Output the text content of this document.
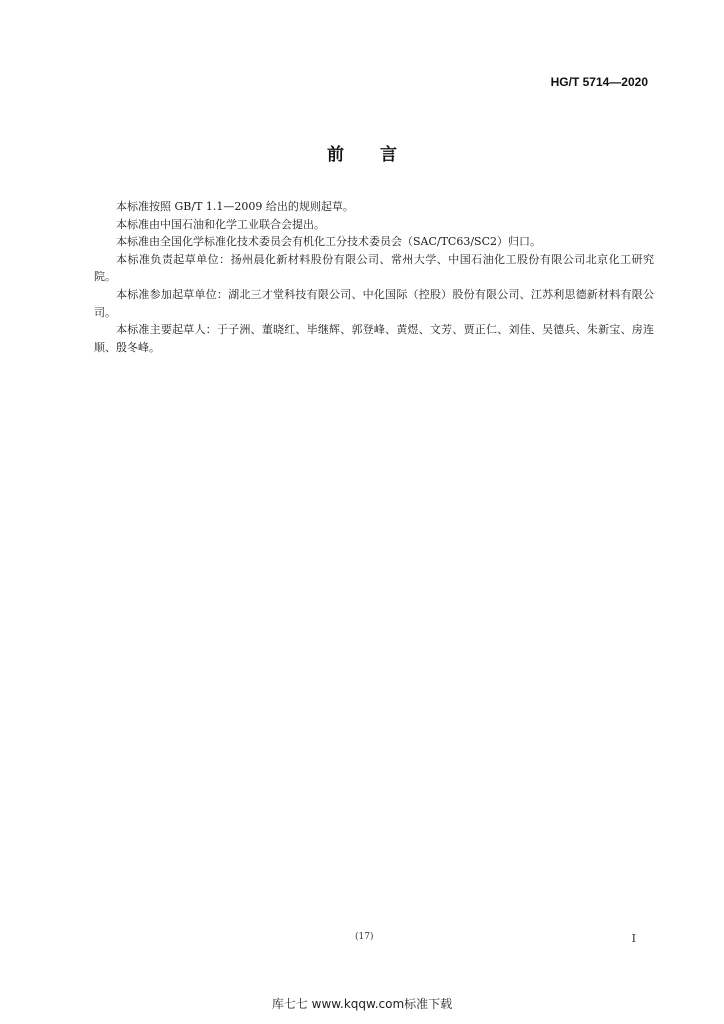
HG/T 5714—2020
前言

本标准按照 GB/T 1.1—2009 给出的规则起草。

本标准由中国石油和化学工业联合会提出。

本标准由全国化学标准化技术委员会有机化工分技术委员会（SAC/TC63/SC2）归口。

本标准负责起草单位：扬州晨化新材料股份有限公司、常州大学、中国石油化工股份有限公司北京化工研究院。

本标准参加起草单位：湖北三才堂科技有限公司、中化国际（控股）股份有限公司、江苏利思德新材料有限公司。

本标准主要起草人：于子洲、董晓红、毕继辉、郭登峰、黄煜、文芳、贾正仁、刘佳、吴德兵、朱新宝、房连顺、殷冬峰。

(17)	I
库七七 www.kqqw.com标准下载
